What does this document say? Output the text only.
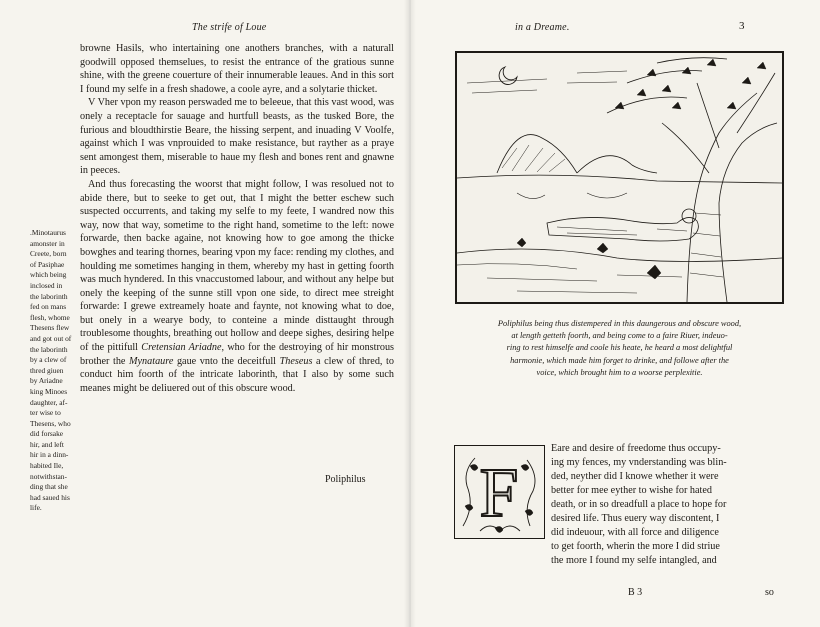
The strife of Loue

browne Hasils, who intertaining one anothers branches, with a naturall goodwill opposed themselues, to resist the entrance of the gratious sunne shine, with the greene couerture of their innumerable leaues. And in this sort I found my selfe in a fresh shadowe, a coole ayre, and a solytarie thicket.

V Vher vpon my reason perswaded me to beleeue, that this vast wood, was onely a receptacle for sauage and hurtfull beasts, as the tusked Bore, the furious and bloudthirstie Beare, the hissing serpent, and inuading V Voolfe, against which I was vnprouided to make resistance, but rayther as a praye sent amongest them, miserable to haue my flesh and bones rent and gnawne in peeces.

And thus forecasting the woorst that might follow, I was resolued not to abide there, but to seeke to get out, that I might the better eschew such suspected occurrents, and taking my selfe to my feete, I wandred now this way, now that way, sometime to the right hand, sometime to the left: nowe forwarde, then backe againe, not knowing how to goe among the thicke bowghes and tearing thornes, bearing vpon my face: rending my clothes, and houlding me sometimes hanging in them, whereby my hast in getting foorth was much hyndered. In this vnaccustomed labour, and without any helpe but onely the keeping of the sunne still vpon one side, to direct mee streight forwarde: I grewe extreamely hoate and faynte, not knowing what to doe, but onely in a wearye body, to conteine a minde disttaught through troublesome thoughts, breathing out hollow and deepe sighes, desiring helpe of the pittifull Cretensian Ariadne, who for the destroying of hir monstrous brother the Mynataure gaue vnto the deceitfull Theseus a clew of thred, to conduct him foorth of the intricate laborinth, that I also by some such meanes might be deliuered out of this obscure wood.

.Minotaurus
amonster in
Creete, born
of Pasiphae
which being
inclosed in
the laborinth
fed on mans
flesh, whome
Thesens flew
and got out of
the laborinth
by a clew of
thred giuen
by Ariadne
king Minoes
daughter, af-
ter wise to
Thesens, who
did forsake
hir, and left
hir in a dinn-
habited Ile,
notwithstan-
ding that she
had saued his
life.
Poliphilus
in a Dreame.	3
Poliphilus being thus distempered in this daungerous and obscure wood,
at length getteth foorth, and being come to a faire Riuer, indeuo-
ring to rest himselfe and coole his heate, he heard a most delightful
harmonie, which made him forget to drinke, and followe after the
voice, which brought him to a woorse perplexitie.
F
Eare and desire of freedome thus occupy-
ing my fences, my vnderstanding was blin-
ded, neyther did I knowe whether it were
better for mee eyther to wishe for hated
death, or in so dreadfull a place to hope for
desired life. Thus euery way discontent, I
did indeuour, with all force and diligence
to get foorth, wherin the more I did striue
the more I found my selfe intangled, and
B 3	so
